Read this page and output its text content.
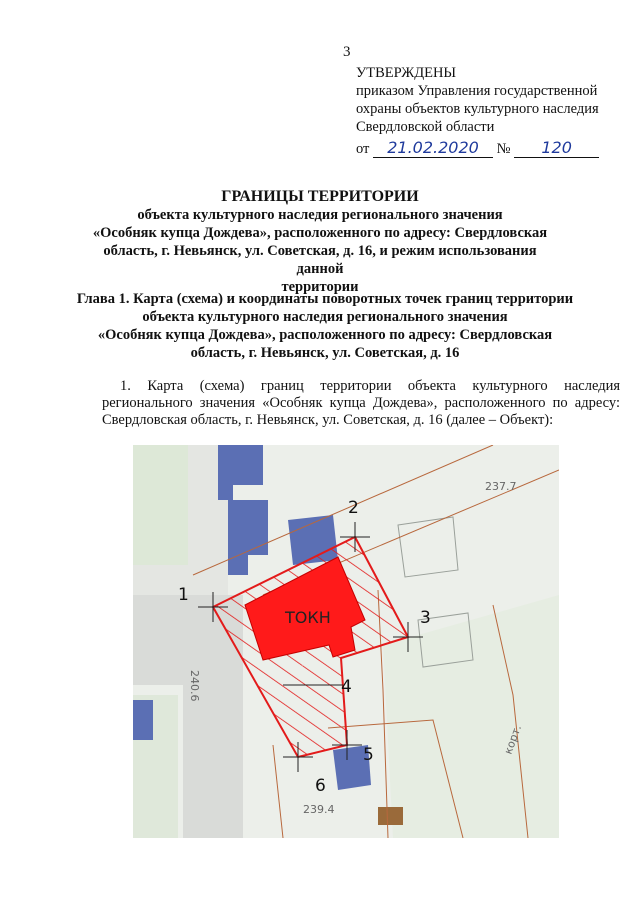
3
УТВЕРЖДЕНЫ
приказом Управления государственной
охраны объектов культурного наследия
Свердловской области
от 21.02.2020 № 120
ГРАНИЦЫ ТЕРРИТОРИИ
объекта культурного наследия регионального значения
«Особняк купца Дождева», расположенного по адресу: Свердловская
область, г. Невьянск, ул. Советская, д. 16, и режим использования данной
территории
Глава 1. Карта (схема) и координаты поворотных точек границ территории
объекта культурного наследия регионального значения
«Особняк купца Дождева», расположенного по адресу: Свердловская
область, г. Невьянск, ул. Советская, д. 16
1. Карта (схема) границ территории объекта культурного наследия регионального значения «Особняк купца Дождева», расположенного по адресу: Свердловская область, г. Невьянск, ул. Советская, д. 16 (далее – Объект):
ТОКН
1
2
3
4
5
6
237.7
239.4
240.6
корт.
